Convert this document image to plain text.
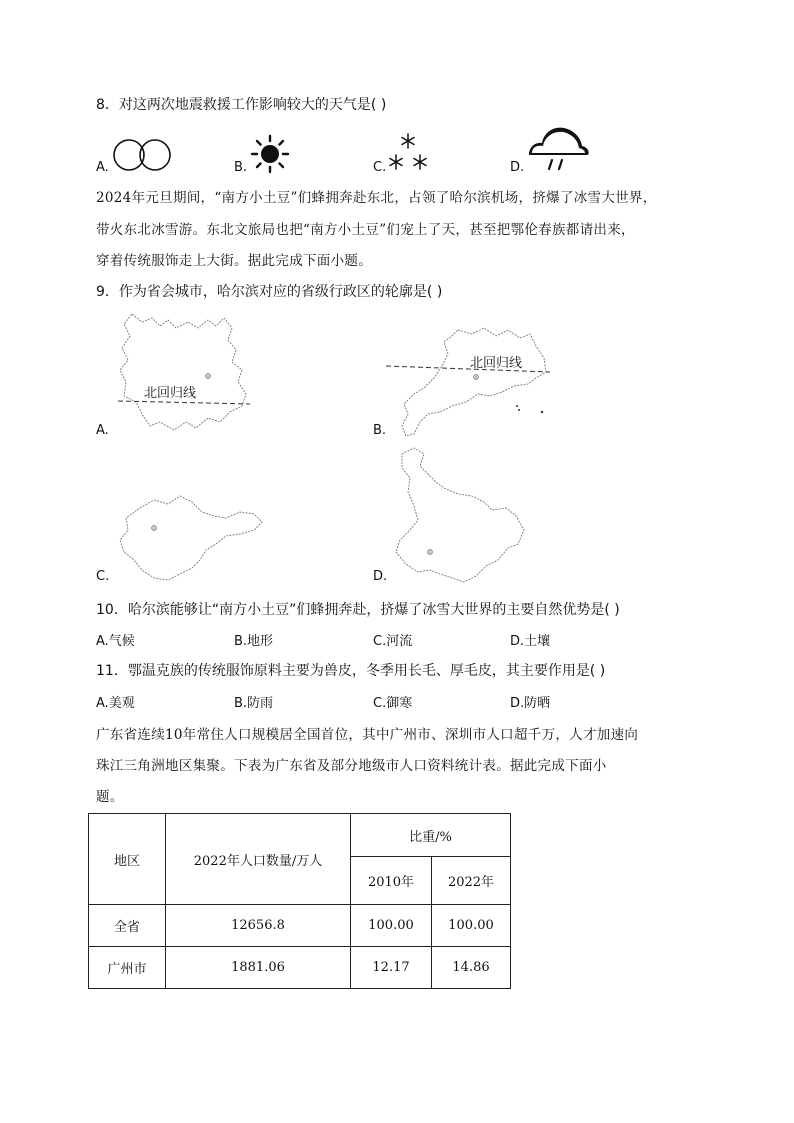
8．对这两次地震救援工作影响较大的天气是( )
A.	B.	C.	D.
2024年元旦期间，“南方小土豆”们蜂拥奔赴东北，占领了哈尔滨机场，挤爆了冰雪大世界，
带火东北冰雪游。东北文旅局也把“南方小土豆”们宠上了天，甚至把鄂伦春族都请出来，
穿着传统服饰走上大街。据此完成下面小题。
9．作为省会城市，哈尔滨对应的省级行政区的轮廓是( )
A.
北回归线
B.
北回归线
C.	D.
10．哈尔滨能够让“南方小土豆”们蜂拥奔赴，挤爆了冰雪大世界的主要自然优势是( )
A.气候	B.地形	C.河流	D.土壤
11．鄂温克族的传统服饰原料主要为兽皮，冬季用长毛、厚毛皮，其主要作用是( )
A.美观	B.防雨	C.御寒	D.防晒
广东省连续10年常住人口规模居全国首位，其中广州市、深圳市人口超千万，人才加速向
珠江三角洲地区集聚。下表为广东省及部分地级市人口资料统计表。据此完成下面小
题。
地区	2022年人口数量/万人	比重/%	
		2010年	2022年
全省	12656.8	100.00	100.00
广州市	1881.06	12.17	14.86
